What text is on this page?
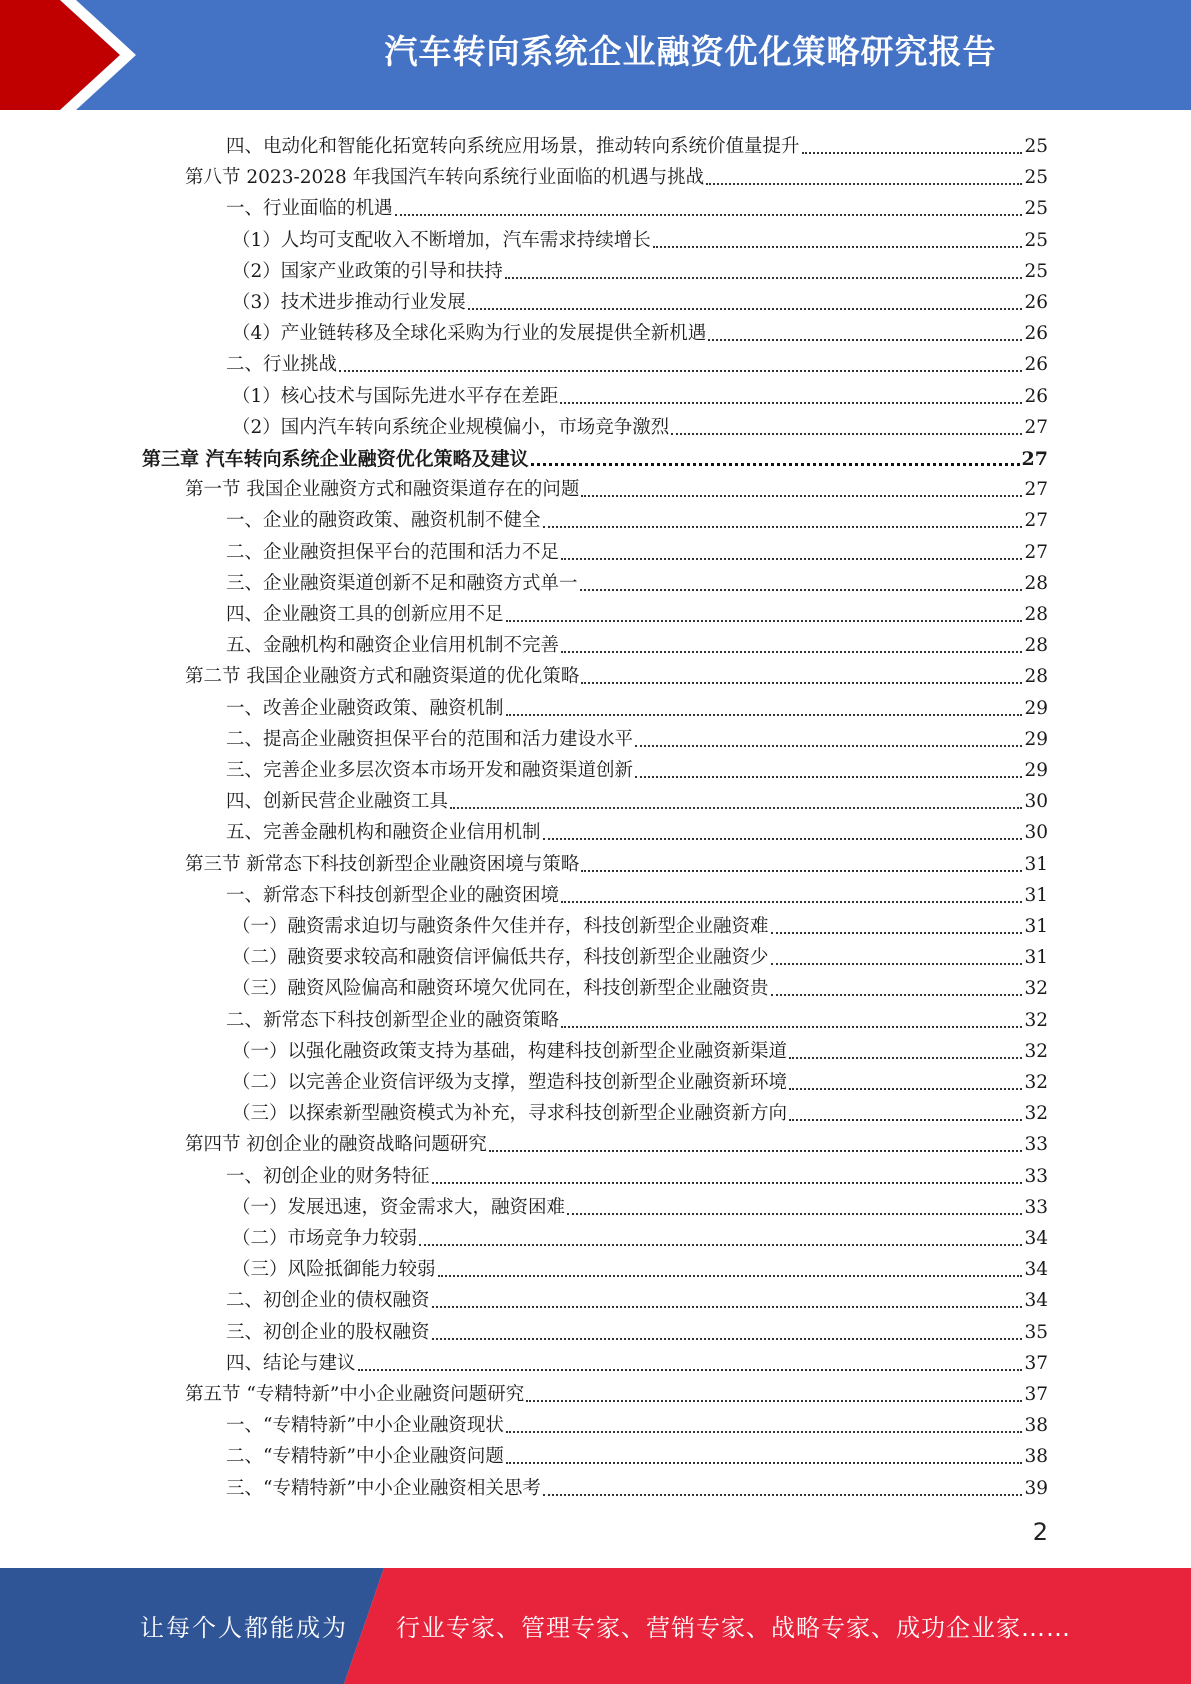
汽车转向系统企业融资优化策略研究报告
四、电动化和智能化拓宽转向系统应用场景，推动转向系统价值量提升	25
第八节 2023-2028 年我国汽车转向系统行业面临的机遇与挑战	25
一、行业面临的机遇	25
（1）人均可支配收入不断增加，汽车需求持续增长	25
（2）国家产业政策的引导和扶持	25
（3）技术进步推动行业发展	26
（4）产业链转移及全球化采购为行业的发展提供全新机遇	26
二、行业挑战	26
（1）核心技术与国际先进水平存在差距	26
（2）国内汽车转向系统企业规模偏小，市场竞争激烈	27
第三章 汽车转向系统企业融资优化策略及建议	27
第一节 我国企业融资方式和融资渠道存在的问题	27
一、企业的融资政策、融资机制不健全	27
二、企业融资担保平台的范围和活力不足	27
三、企业融资渠道创新不足和融资方式单一	28
四、企业融资工具的创新应用不足	28
五、金融机构和融资企业信用机制不完善	28
第二节 我国企业融资方式和融资渠道的优化策略	28
一、改善企业融资政策、融资机制	29
二、提高企业融资担保平台的范围和活力建设水平	29
三、完善企业多层次资本市场开发和融资渠道创新	29
四、创新民营企业融资工具	30
五、完善金融机构和融资企业信用机制	30
第三节 新常态下科技创新型企业融资困境与策略	31
一、新常态下科技创新型企业的融资困境	31
（一）融资需求迫切与融资条件欠佳并存，科技创新型企业融资难	31
（二）融资要求较高和融资信评偏低共存，科技创新型企业融资少	31
（三）融资风险偏高和融资环境欠优同在，科技创新型企业融资贵	32
二、新常态下科技创新型企业的融资策略	32
（一）以强化融资政策支持为基础，构建科技创新型企业融资新渠道	32
（二）以完善企业资信评级为支撑，塑造科技创新型企业融资新环境	32
（三）以探索新型融资模式为补充，寻求科技创新型企业融资新方向	32
第四节 初创企业的融资战略问题研究	33
一、初创企业的财务特征	33
（一）发展迅速，资金需求大，融资困难	33
（二）市场竞争力较弱	34
（三）风险抵御能力较弱	34
二、初创企业的债权融资	34
三、初创企业的股权融资	35
四、结论与建议	37
第五节 “专精特新”中小企业融资问题研究	37
一、“专精特新”中小企业融资现状	38
二、“专精特新”中小企业融资问题	38
三、“专精特新”中小企业融资相关思考	39
2
让每个人都能成为 行业专家、管理专家、营销专家、战略专家、成功企业家……
